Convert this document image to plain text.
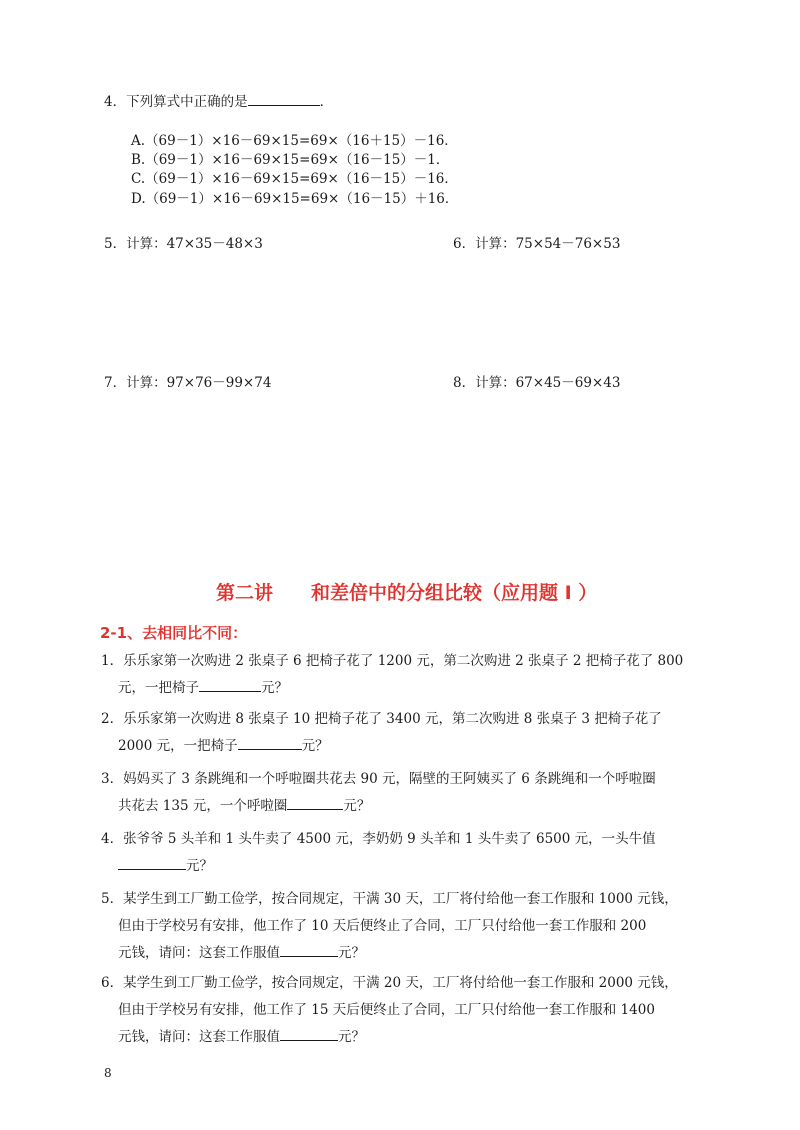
4．下列算式中正确的是	．
A.（69－1）×16－69×15=69×（16＋15）－16．
B.（69－1）×16－69×15=69×（16－15）－1．
C.（69－1）×16－69×15=69×（16－15）－16．
D.（69－1）×16－69×15=69×（16－15）＋16．
5．计算：47×35－48×3	6．计算：75×54－76×53
7．计算：97×76－99×74	8．计算：67×45－69×43
第二讲　　和差倍中的分组比较（应用题 I ）
2-1、去相同比不同：
1．乐乐家第一次购进 2 张桌子 6 把椅子花了 1200 元，第二次购进 2 张桌子 2 把椅子花了 800
元，一把椅子	元？
2．乐乐家第一次购进 8 张桌子 10 把椅子花了 3400 元，第二次购进 8 张桌子 3 把椅子花了
2000 元，一把椅子	元？
3．妈妈买了 3 条跳绳和一个呼啦圈共花去 90 元，隔壁的王阿姨买了 6 条跳绳和一个呼啦圈
共花去 135 元，一个呼啦圈	元？
4．张爷爷 5 头羊和 1 头牛卖了 4500 元，李奶奶 9 头羊和 1 头牛卖了 6500 元，一头牛值
元？
5．某学生到工厂勤工俭学，按合同规定，干满 30 天，工厂将付给他一套工作服和 1000 元钱，
但由于学校另有安排，他工作了 10 天后便终止了合同，工厂只付给他一套工作服和 200
元钱，请问：这套工作服值	元？
6．某学生到工厂勤工俭学，按合同规定，干满 20 天，工厂将付给他一套工作服和 2000 元钱，
但由于学校另有安排，他工作了 15 天后便终止了合同，工厂只付给他一套工作服和 1400
元钱，请问：这套工作服值	元？
8
